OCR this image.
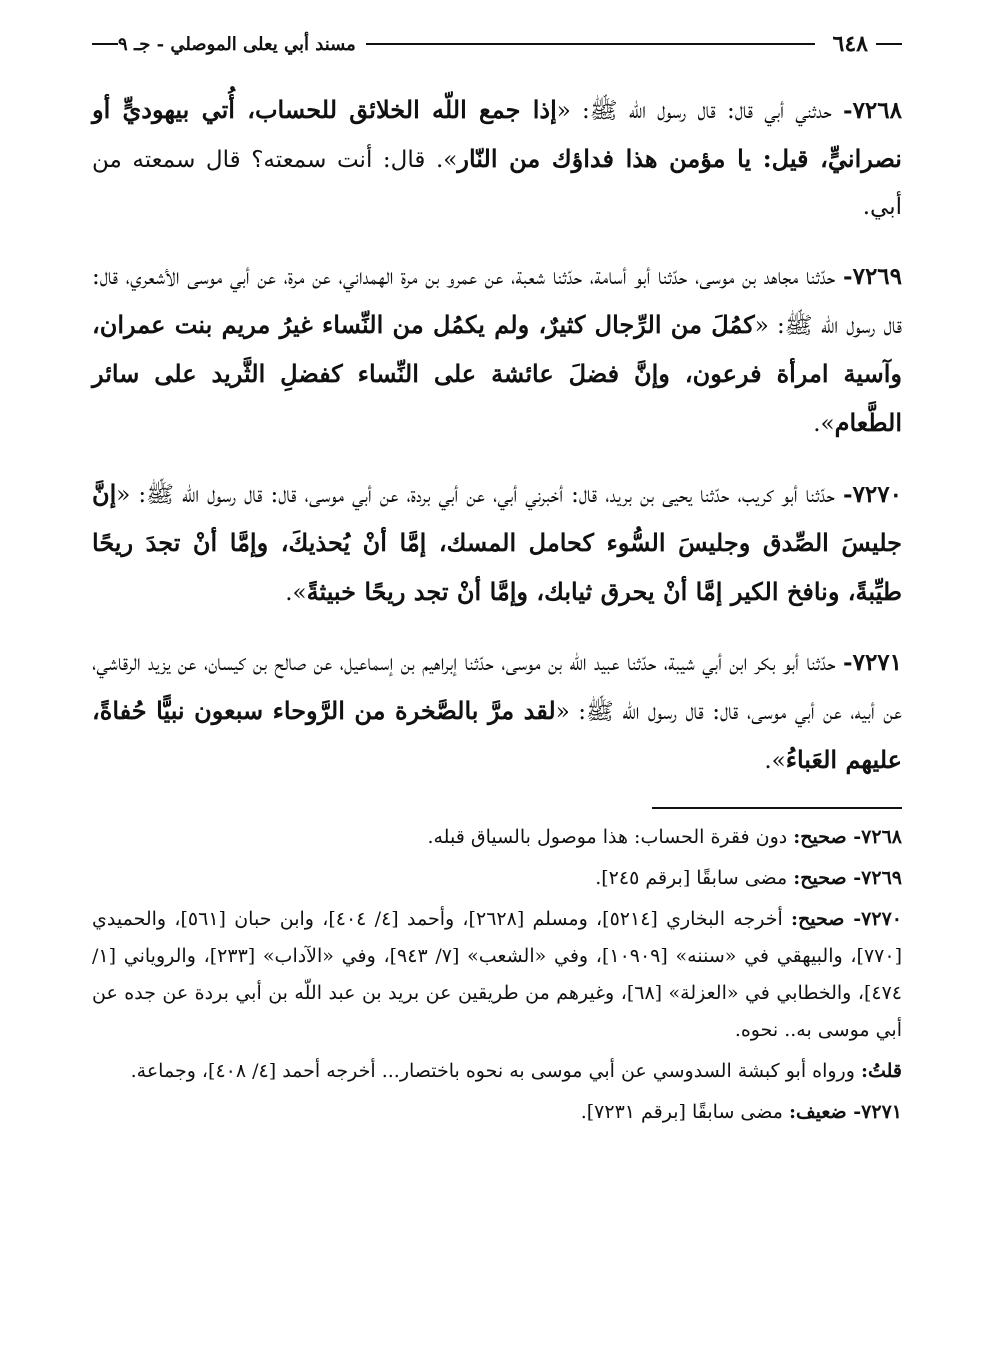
٦٤٨
مسند أبي يعلى الموصلي - جـ ٩

٧٢٦٨- حدثني أبي قال: قال رسول اللّه ﷺ: «إذا جمع اللّه الخلائق للحساب، أُتي بيهوديٍّ أو نصرانيٍّ، قيل: يا مؤمن هذا فداؤك من النّار». قال: أنت سمعته؟ قال سمعته من أبي.

٧٢٦٩- حدّثنا مجاهد بن موسى، حدّثنا أبو أسامة، حدّثنا شعبة، عن عمرو بن مرة الهمداني، عن مرة، عن أبي موسى الأشعري، قال: قال رسول اللّه ﷺ: «كمُلَ من الرِّجال كثيرٌ، ولم يكمُل من النِّساء غيرُ مريم بنت عمران، وآسية امرأة فرعون، وإنَّ فضلَ عائشة على النِّساء كفضلِ الثَّريد على سائر الطَّعام».

٧٢٧٠- حدّثنا أبو كريب، حدّثنا يحيى بن بريد، قال: أخبرني أبي، عن أبي بردة، عن أبي موسى، قال: قال رسول اللّه ﷺ: «إنَّ جليسَ الصِّدق وجليسَ السُّوء كحامل المسك، إمَّا أنْ يُحذيكَ، وإمَّا أنْ تجدَ ريحًا طيِّبةً، ونافخ الكير إمَّا أنْ يحرق ثيابك، وإمَّا أنْ تجد ريحًا خبيثةً».

٧٢٧١- حدّثنا أبو بكر ابن أبي شيبة، حدّثنا عبيد اللّه بن موسى، حدّثنا إبراهيم بن إسماعيل، عن صالح بن كيسان، عن يزيد الرقاشي، عن أبيه، عن أبي موسى، قال: قال رسول اللّه ﷺ: «لقد مرَّ بالصَّخرة من الرَّوحاء سبعون نبيًّا حُفاةً، عليهم العَباءُ».

٧٢٦٨- صحيح: دون فقرة الحساب: هذا موصول بالسياق قبله.

٧٢٦٩- صحيح: مضى سابقًا [برقم ٢٤٥].

٧٢٧٠- صحيح: أخرجه البخاري [٥٢١٤]، ومسلم [٢٦٢٨]، وأحمد [٤/ ٤٠٤]، وابن حبان [٥٦١]، والحميدي [٧٧٠]، والبيهقي في «سننه» [١٠٩٠٩]، وفي «الشعب» [٧/ ٩٤٣]، وفي «الآداب» [٢٣٣]، والروياني [١/ ٤٧٤]، والخطابي في «العزلة» [٦٨]، وغيرهم من طريقين عن بريد بن عبد اللّه بن أبي بردة عن جده عن أبي موسى به.. نحوه.

قلتُ: ورواه أبو كبشة السدوسي عن أبي موسى به نحوه باختصار... أخرجه أحمد [٤/ ٤٠٨]، وجماعة.

٧٢٧١- ضعيف: مضى سابقًا [برقم ٧٢٣١].
